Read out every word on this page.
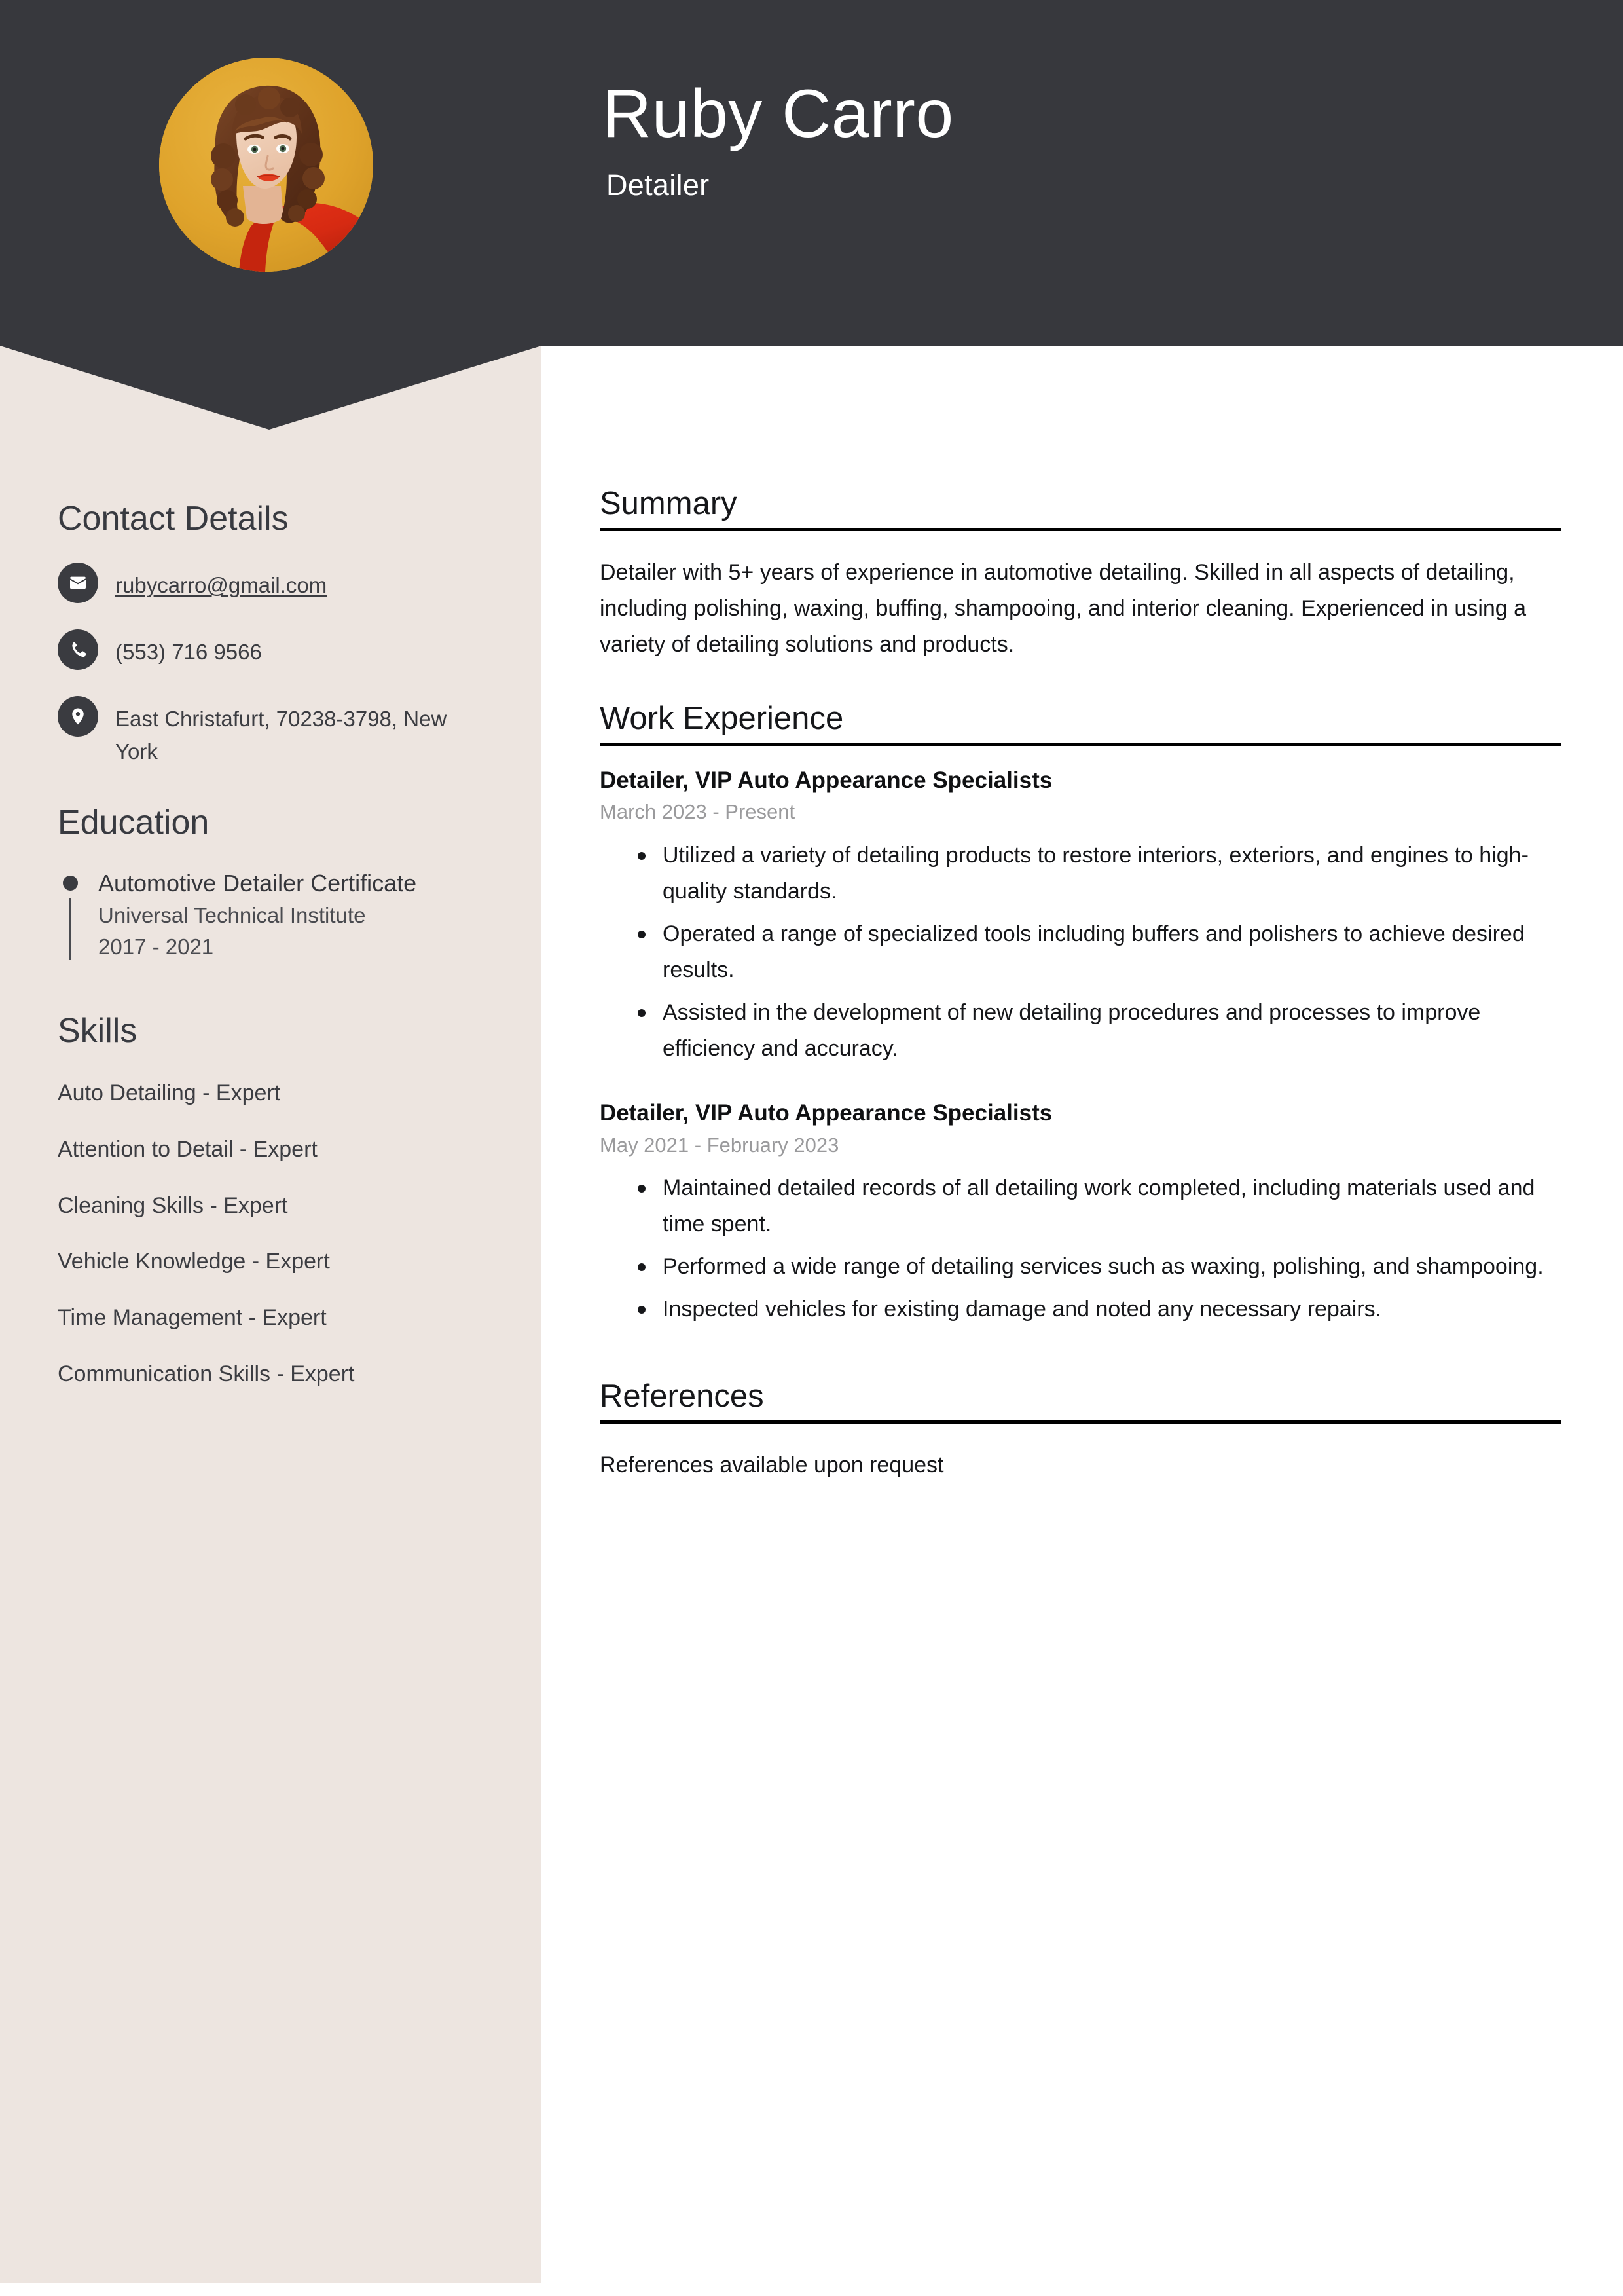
Ruby Carro
Detailer
Contact Details
rubycarro@gmail.com
(553) 716 9566
East Christafurt, 70238-3798, New York
Education
Automotive Detailer Certificate
Universal Technical Institute
2017 - 2021
Skills
Auto Detailing - Expert
Attention to Detail - Expert
Cleaning Skills - Expert
Vehicle Knowledge - Expert
Time Management - Expert
Communication Skills - Expert
Summary

Detailer with 5+ years of experience in automotive detailing. Skilled in all aspects of detailing, including polishing, waxing, buffing, shampooing, and interior cleaning. Experienced in using a variety of detailing solutions and products.

Work Experience
Detailer, VIP Auto Appearance Specialists
March 2023 - Present
Utilized a variety of detailing products to restore interiors, exteriors, and engines to high-quality standards.
Operated a range of specialized tools including buffers and polishers to achieve desired results.
Assisted in the development of new detailing procedures and processes to improve efficiency and accuracy.
Detailer, VIP Auto Appearance Specialists
May 2021 - February 2023
Maintained detailed records of all detailing work completed, including materials used and time spent.
Performed a wide range of detailing services such as waxing, polishing, and shampooing.
Inspected vehicles for existing damage and noted any necessary repairs.
References

References available upon request
